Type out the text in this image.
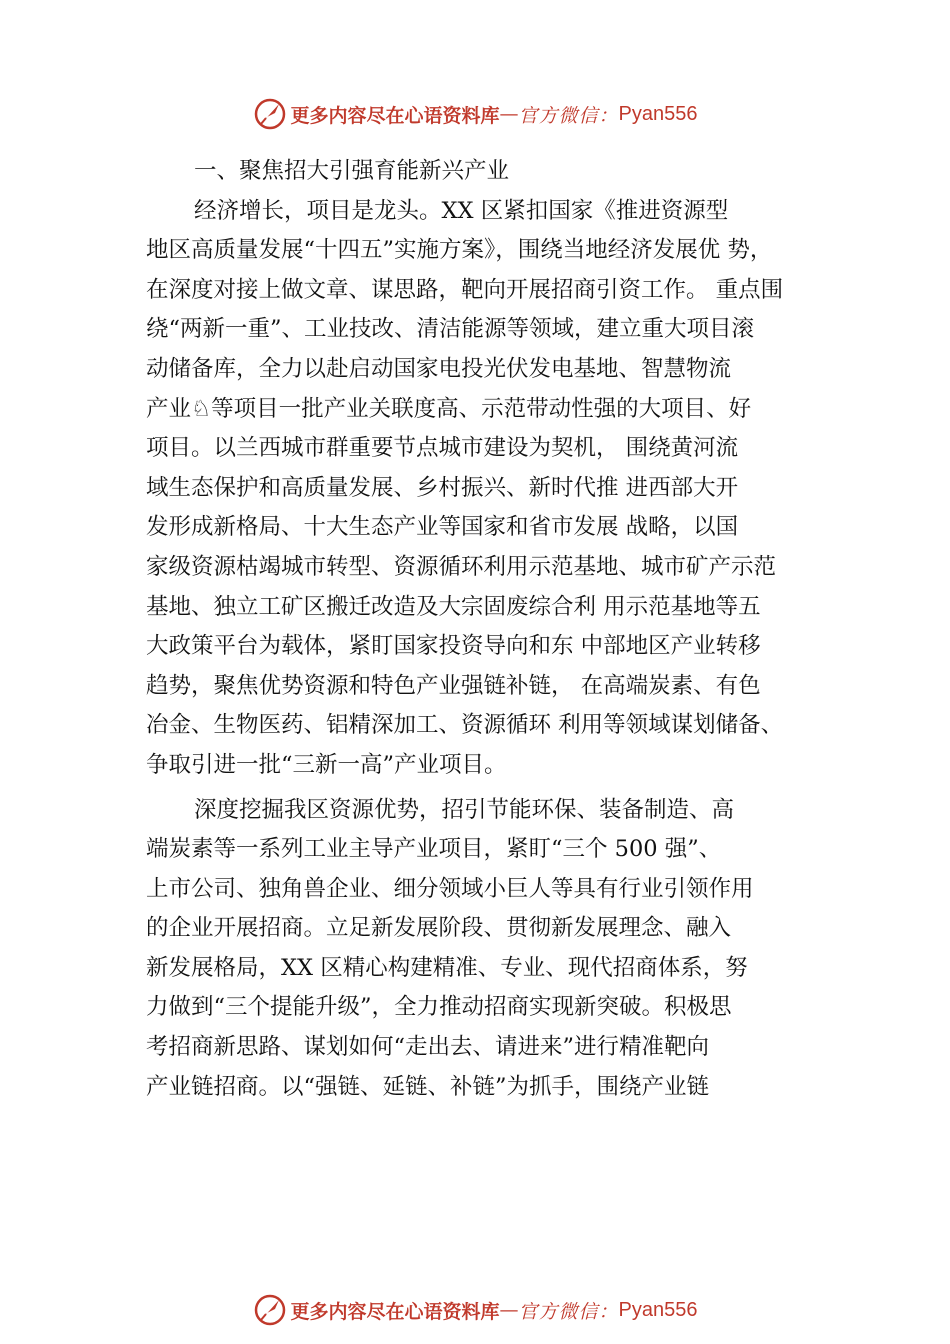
更多内容尽在心语资料库 — 官方微信： Pyan556
一、聚焦招大引强育能新兴产业
经济增长，项目是龙头。XX 区紧扣国家《推进资源型
地区高质量发展“十四五”实施方案》，围绕当地经济发展优 势，
在深度对接上做文章、谋思路，靶向开展招商引资工作。 重点围
绕“两新一重”、工业技改、清洁能源等领域，建立重大项目滚
动储备库，全力以赴启动国家电投光伏发电基地、智慧物流
产业♘等项目一批产业关联度高、示范带动性强的大项目、好
项目。以兰西城市群重要节点城市建设为契机， 围绕黄河流
域生态保护和高质量发展、乡村振兴、新时代推 进西部大开
发形成新格局、十大生态产业等国家和省市发展 战略，以国
家级资源枯竭城市转型、资源循环利用示范基地、城市矿产示范
基地、独立工矿区搬迁改造及大宗固废综合利 用示范基地等五
大政策平台为载体，紧盯国家投资导向和东 中部地区产业转移
趋势，聚焦优势资源和特色产业强链补链， 在高端炭素、有色
冶金、生物医药、铝精深加工、资源循环 利用等领域谋划储备、
争取引进一批“三新一高”产业项目。
深度挖掘我区资源优势，招引节能环保、装备制造、高
端炭素等一系列工业主导产业项目，紧盯“三个 500 强”、
上市公司、独角兽企业、细分领域小巨人等具有行业引领作用
的企业开展招商。立足新发展阶段、贯彻新发展理念、融入
新发展格局，XX 区精心构建精准、专业、现代招商体系，努
力做到“三个提能升级”，全力推动招商实现新突破。积极思
考招商新思路、谋划如何“走出去、请进来”进行精准靶向
产业链招商。以“强链、延链、补链”为抓手，围绕产业链
更多内容尽在心语资料库 — 官方微信： Pyan556
